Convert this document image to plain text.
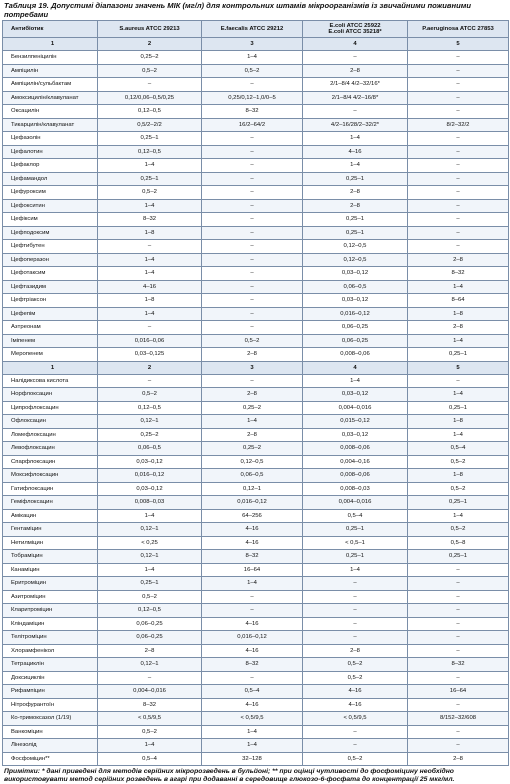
Таблиця 19. Допустимі діапазони значень МІК (мг/л) для контрольних штамів мікроорганізмів із звичайними поживними потребами
Антибіотик	S.aureus ATCC 29213	E.faecalis ATCC 29212	E.coli ATCC 25922
E.coli ATCC 35218*	P.aeruginosa ATCC 27853
1	2	3	4	5
Бензилпеніцилін	0,25–2	1–4	–	–
Ампіцилін	0,5–2	0,5–2	2–8	–
Ампіцилін/сульбактам	–	–	2/1–8/4 4/2–32/16*	–
Амоксицилін/клавуланат	0,12/0,06–0,5/0,25	0,25/0,12–1,0/0–5	2/1–8/4 4/2–16/8*	–
Оксацилін	0,12–0,5	8–32	–	–
Тикарцилін/клавуланат	0,5/2–2/2	16/2–64/2	4/2–16/28/2–32/2*	8/2–32/2
Цефазолін	0,25–1	–	1–4	–
Цефалотин	0,12–0,5	–	4–16	–
Цефаклор	1–4	–	1–4	–
Цефамандол	0,25–1	–	0,25–1	–
Цефуроксим	0,5–2	–	2–8	–
Цефокситин	1–4	–	2–8	–
Цефіксим	8–32	–	0,25–1	–
Цефподоксим	1–8	–	0,25–1	–
Цефтибутен	–	–	0,12–0,5	–
Цефоперазон	1–4	–	0,12–0,5	2–8
Цефотаксим	1–4	–	0,03–0,12	8–32
Цефтазидим	4–16	–	0,06–0,5	1–4
Цефтріаксон	1–8	–	0,03–0,12	8–64
Цефепім	1–4	–	0,016–0,12	1–8
Азтреонам	–	–	0,06–0,25	2–8
Іміпенем	0,016–0,06	0,5–2	0,06–0,25	1–4
Меропенем	0,03–0,125	2–8	0,008–0,06	0,25–1
1	2	3	4	5
Налідиксова кислота	–	–	1–4	–
Норфлоксацин	0,5–2	2–8	0,03–0,12	1–4
Ципрофлоксацин	0,12–0,5	0,25–2	0,004–0,016	0,25–1
Офлоксацин	0,12–1	1–4	0,015–0,12	1–8
Ломефлоксацин	0,25–2	2–8	0,03–0,12	1–4
Левофлоксацин	0,06–0,5	0,25–2	0,008–0,06	0,5–4
Спарфлоксацин	0,03–0,12	0,12–0,5	0,004–0,16	0,5–2
Моксифлоксацин	0,016–0,12	0,06–0,5	0,008–0,06	1–8
Гатифлоксацин	0,03–0,12	0,12–1	0,008–0,03	0,5–2
Геміфлоксацин	0,008–0,03	0,016–0,12	0,004–0,016	0,25–1
Амікацин	1–4	64–256	0,5–4	1–4
Гентаміцин	0,12–1	4–16	0,25–1	0,5–2
Нетилміцин	< 0,25	4–16	< 0,5–1	0,5–8
Тобраміцин	0,12–1	8–32	0,25–1	0,25–1
Канаміцин	1–4	16–64	1–4	–
Еритроміцин	0,25–1	1–4	–	–
Азитроміцин	0,5–2	–	–	–
Кларитроміцин	0,12–0,5	–	–	–
Кліндаміцин	0,06–0,25	4–16	–	–
Телітроміцин	0,06–0,25	0,016–0,12	–	–
Хлорамфенікол	2–8	4–16	2–8	–
Тетрациклін	0,12–1	8–32	0,5–2	8–32
Доксициклін	–	–	0,5–2	–
Рифампіцин	0,004–0,016	0,5–4	4–16	16–64
Нітрофурантоїн	8–32	4–16	4–16	–
Ко-тримоксазол (1/19)	< 0,5/9,5	< 0,5/9,5	< 0,5/9,5	8/152–32/608
Ванкоміцин	0,5–2	1–4	–	–
Лінезолід	1–4	1–4	–	–
Фосфоміцин**	0,5–4	32–128	0,5–2	2–8
Примітки: * дані приведені для методів серійних мікророзведень в бульйоні; ** при оцінці чутливості до фосфоміцину необхідно використовувати метод серійних розведень в агарі при додаванні в середовище глюкозо-6-фосфата до концентрації 25 мкг/мл.
